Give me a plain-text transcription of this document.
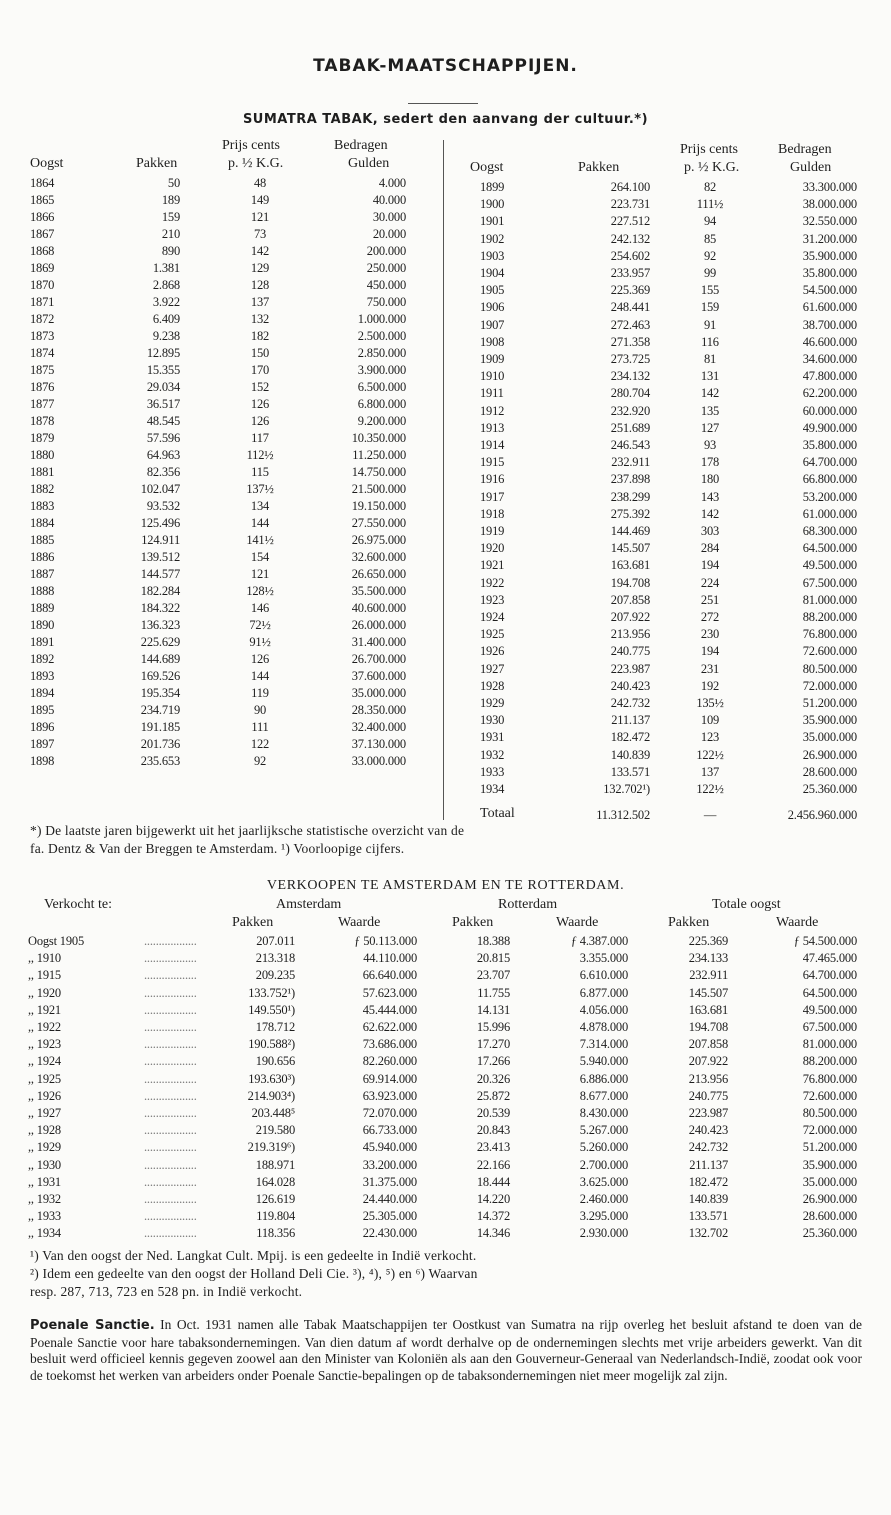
TABAK-MAATSCHAPPIJEN.
SUMATRA TABAK, sedert den aanvang der cultuur.*)
Prijs cents	Bedragen
Oogst	Pakken	p. ½ K.G.	Gulden
Prijs cents	Bedragen
Oogst	Pakken	p. ½ K.G.	Gulden
1864	50	48	4.000
1865	189	149	40.000
1866	159	121	30.000
1867	210	73	20.000
1868	890	142	200.000
1869	1.381	129	250.000
1870	2.868	128	450.000
1871	3.922	137	750.000
1872	6.409	132	1.000.000
1873	9.238	182	2.500.000
1874	12.895	150	2.850.000
1875	15.355	170	3.900.000
1876	29.034	152	6.500.000
1877	36.517	126	6.800.000
1878	48.545	126	9.200.000
1879	57.596	117	10.350.000
1880	64.963	112½	11.250.000
1881	82.356	115	14.750.000
1882	102.047	137½	21.500.000
1883	93.532	134	19.150.000
1884	125.496	144	27.550.000
1885	124.911	141½	26.975.000
1886	139.512	154	32.600.000
1887	144.577	121	26.650.000
1888	182.284	128½	35.500.000
1889	184.322	146	40.600.000
1890	136.323	72½	26.000.000
1891	225.629	91½	31.400.000
1892	144.689	126	26.700.000
1893	169.526	144	37.600.000
1894	195.354	119	35.000.000
1895	234.719	90	28.350.000
1896	191.185	111	32.400.000
1897	201.736	122	37.130.000
1898	235.653	92	33.000.000
1899	264.100	82	33.300.000
1900	223.731	111½	38.000.000
1901	227.512	94	32.550.000
1902	242.132	85	31.200.000
1903	254.602	92	35.900.000
1904	233.957	99	35.800.000
1905	225.369	155	54.500.000
1906	248.441	159	61.600.000
1907	272.463	91	38.700.000
1908	271.358	116	46.600.000
1909	273.725	81	34.600.000
1910	234.132	131	47.800.000
1911	280.704	142	62.200.000
1912	232.920	135	60.000.000
1913	251.689	127	49.900.000
1914	246.543	93	35.800.000
1915	232.911	178	64.700.000
1916	237.898	180	66.800.000
1917	238.299	143	53.200.000
1918	275.392	142	61.000.000
1919	144.469	303	68.300.000
1920	145.507	284	64.500.000
1921	163.681	194	49.500.000
1922	194.708	224	67.500.000
1923	207.858	251	81.000.000
1924	207.922	272	88.200.000
1925	213.956	230	76.800.000
1926	240.775	194	72.600.000
1927	223.987	231	80.500.000
1928	240.423	192	72.000.000
1929	242.732	135½	51.200.000
1930	211.137	109	35.900.000
1931	182.472	123	35.000.000
1932	140.839	122½	26.900.000
1933	133.571	137	28.600.000
1934	132.702¹)	122½	25.360.000
Totaal	11.312.502	—	2.456.960.000
*) De laatste jaren bijgewerkt uit het jaarlijksche statistische overzicht van de
fa. Dentz & Van der Breggen te Amsterdam. ¹) Voorloopige cijfers.
VERKOOPEN TE AMSTERDAM EN TE ROTTERDAM.
Verkocht te:	Amsterdam	Rotterdam	Totale oogst
Pakken	Waarde	Pakken	Waarde	Pakken	Waarde
Oogst 1905	207.011	ƒ 50.113.000	18.388	ƒ 4.387.000	225.369	ƒ 54.500.000
,, 1910	213.318	44.110.000	20.815	3.355.000	234.133	47.465.000
,, 1915	209.235	66.640.000	23.707	6.610.000	232.911	64.700.000
,, 1920	133.752¹)	57.623.000	11.755	6.877.000	145.507	64.500.000
,, 1921	149.550¹)	45.444.000	14.131	4.056.000	163.681	49.500.000
,, 1922	178.712	62.622.000	15.996	4.878.000	194.708	67.500.000
,, 1923	190.588²)	73.686.000	17.270	7.314.000	207.858	81.000.000
,, 1924	190.656	82.260.000	17.266	5.940.000	207.922	88.200.000
,, 1925	193.630³)	69.914.000	20.326	6.886.000	213.956	76.800.000
,, 1926	214.903⁴)	63.923.000	25.872	8.677.000	240.775	72.600.000
,, 1927	203.448⁵	72.070.000	20.539	8.430.000	223.987	80.500.000
,, 1928	219.580	66.733.000	20.843	5.267.000	240.423	72.000.000
,, 1929	219.319⁶)	45.940.000	23.413	5.260.000	242.732	51.200.000
,, 1930	188.971	33.200.000	22.166	2.700.000	211.137	35.900.000
,, 1931	164.028	31.375.000	18.444	3.625.000	182.472	35.000.000
,, 1932	126.619	24.440.000	14.220	2.460.000	140.839	26.900.000
,, 1933	119.804	25.305.000	14.372	3.295.000	133.571	28.600.000
,, 1934	118.356	22.430.000	14.346	2.930.000	132.702	25.360.000
..................
..................
..................
..................
..................
..................
..................
..................
..................
..................
..................
..................
..................
..................
..................
..................
..................
..................
¹) Van den oogst der Ned. Langkat Cult. Mpij. is een gedeelte in Indië verkocht.
²) Idem een gedeelte van den oogst der Holland Deli Cie. ³), ⁴), ⁵) en ⁶) Waarvan
resp. 287, 713, 723 en 528 pn. in Indië verkocht.
Poenale Sanctie. In Oct. 1931 namen alle Tabak Maatschappijen ter Oostkust van Sumatra na rijp overleg het besluit afstand te doen van de Poenale Sanctie voor hare tabaksondernemingen. Van dien datum af wordt derhalve op de ondernemingen slechts met vrije arbeiders gewerkt. Van dit besluit werd officieel kennis gegeven zoowel aan den Minister van Koloniën als aan den Gouverneur-Generaal van Nederlandsch-Indië, zoodat ook voor de toekomst het werken van arbeiders onder Poenale Sanctie-bepalingen op de tabaksondernemingen niet meer mogelijk zal zijn.
